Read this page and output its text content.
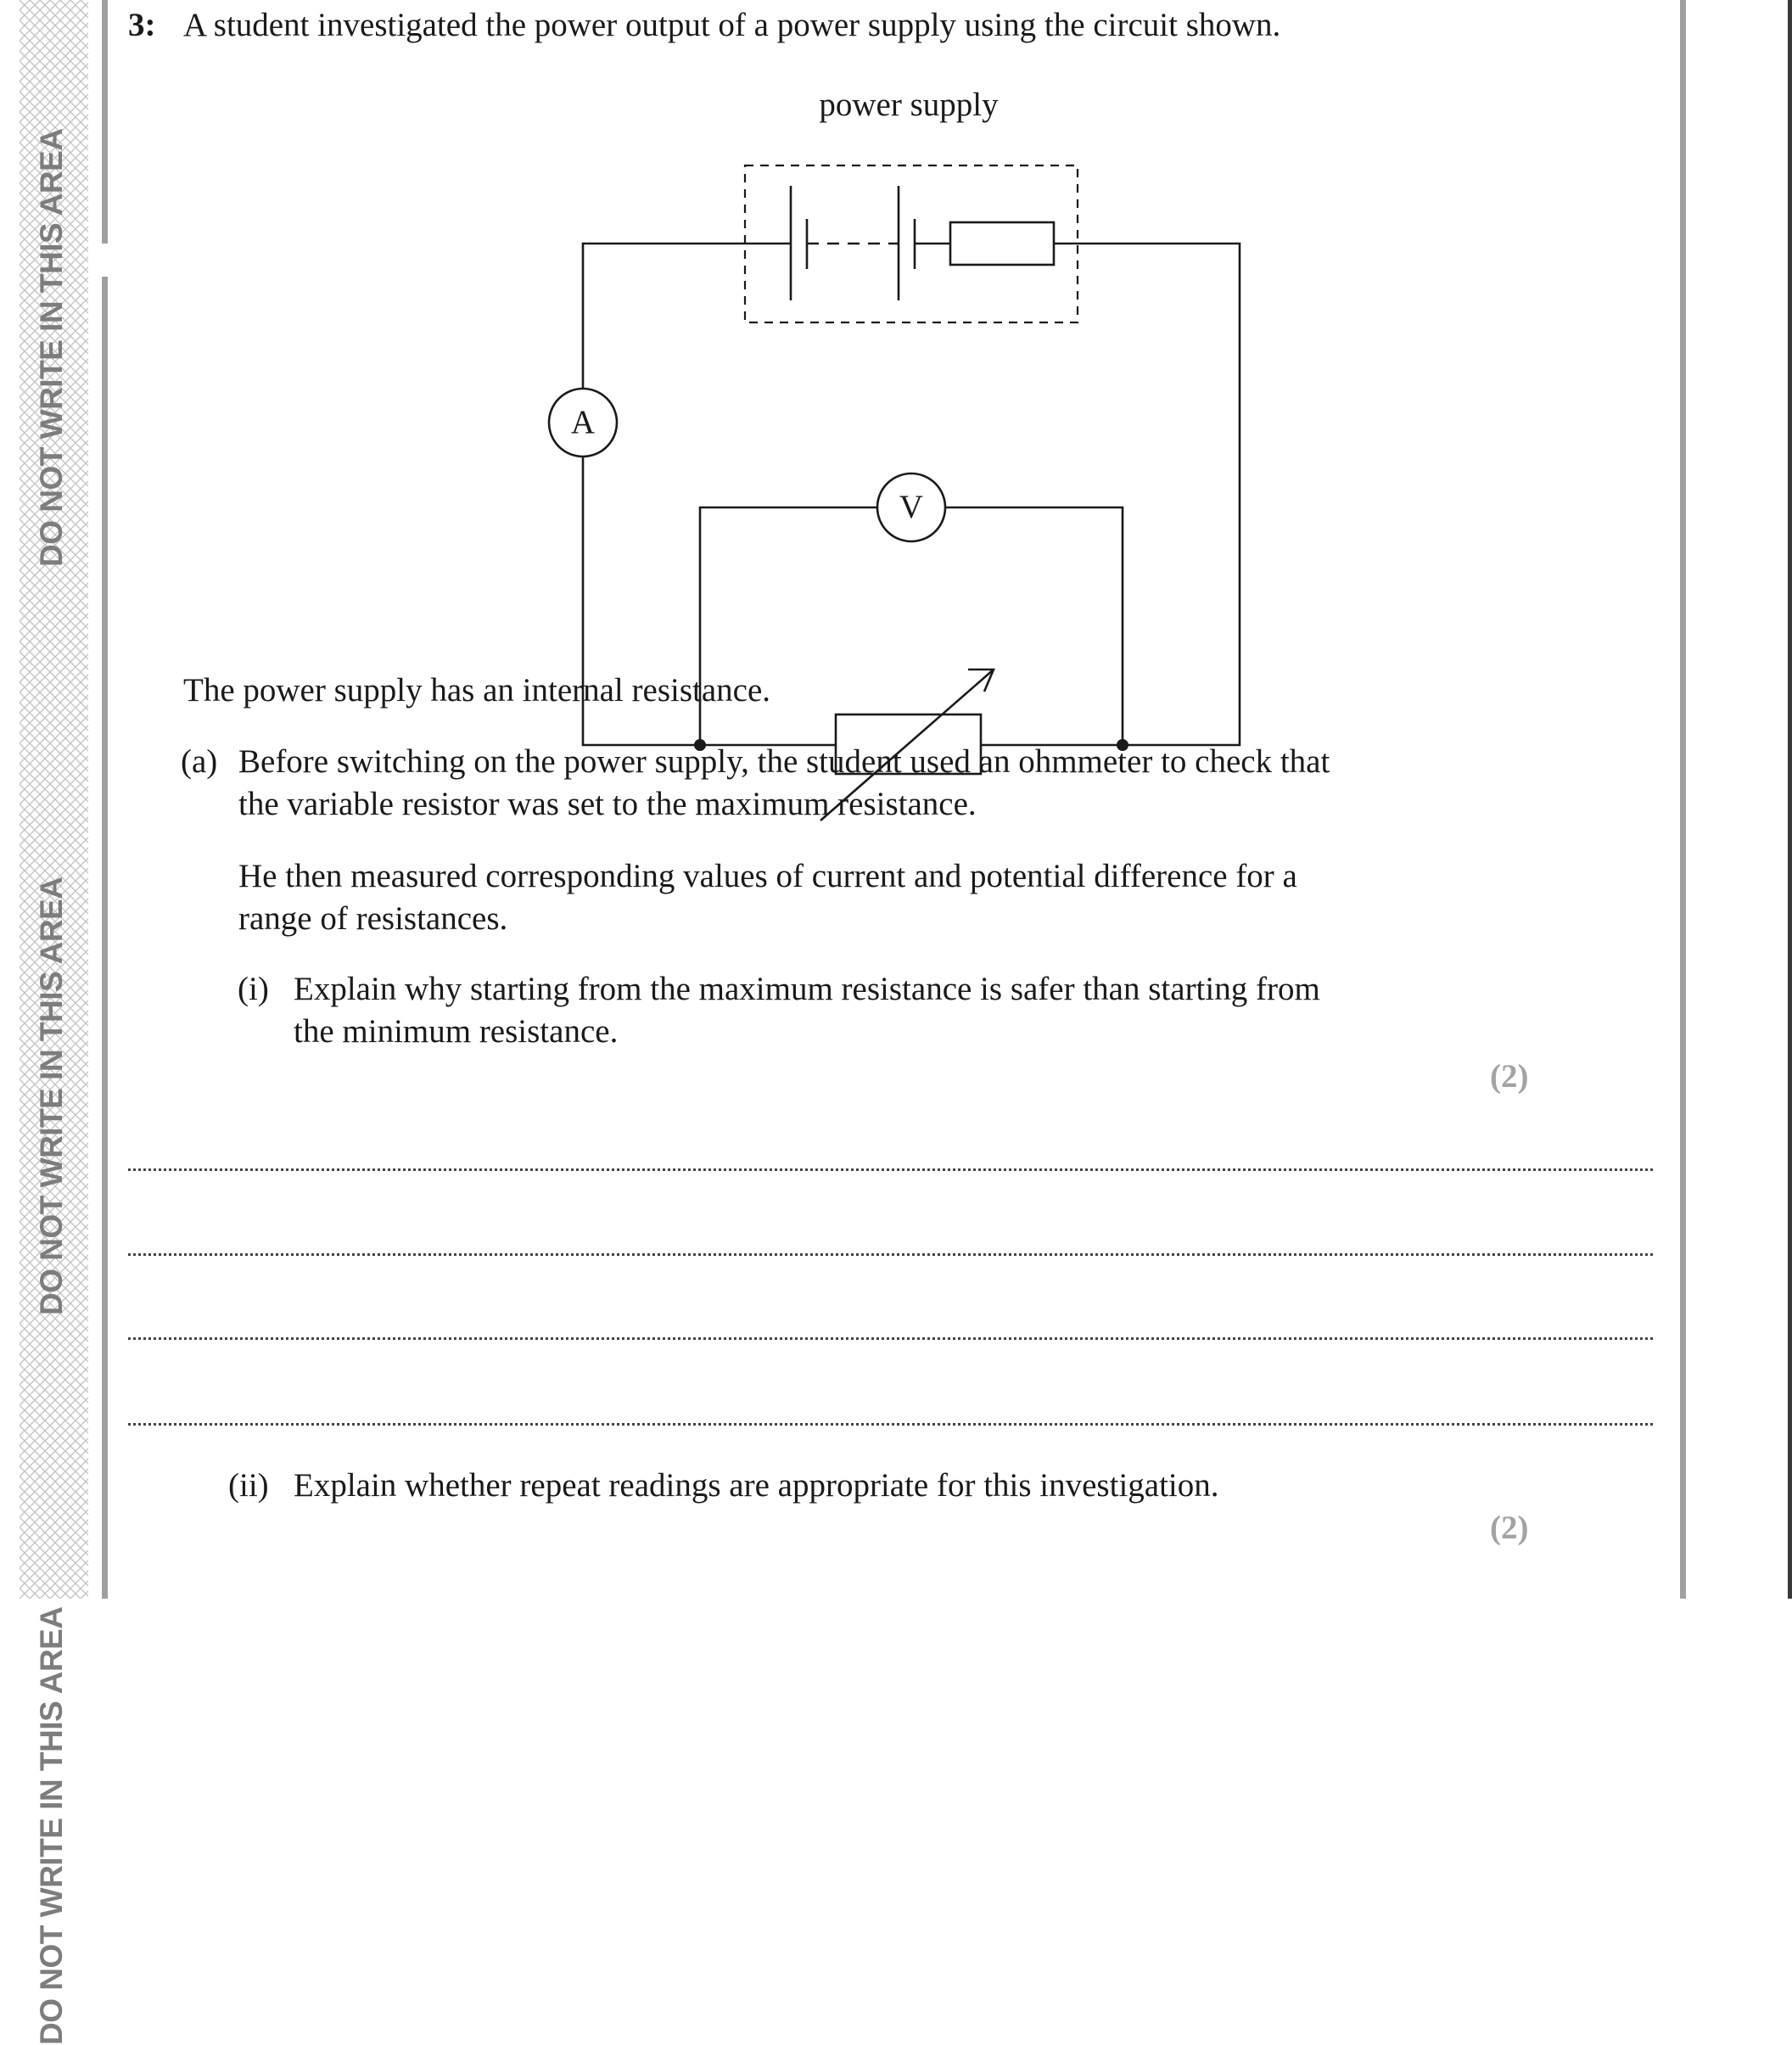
DO NOT WRITE IN THIS AREA
DO NOT WRITE IN THIS AREA
DO NOT WRITE IN THIS AREA
3: A student investigated the power output of a power supply using the circuit shown.
power supply
A
V
The power supply has an internal resistance.
(a) Before switching on the power supply, the student used an ohmmeter to check that
the variable resistor was set to the maximum resistance.
He then measured corresponding values of current and potential difference for a
range of resistances.
(i) Explain why starting from the maximum resistance is safer than starting from
the minimum resistance.
(2)
(ii) Explain whether repeat readings are appropriate for this investigation.
(2)
